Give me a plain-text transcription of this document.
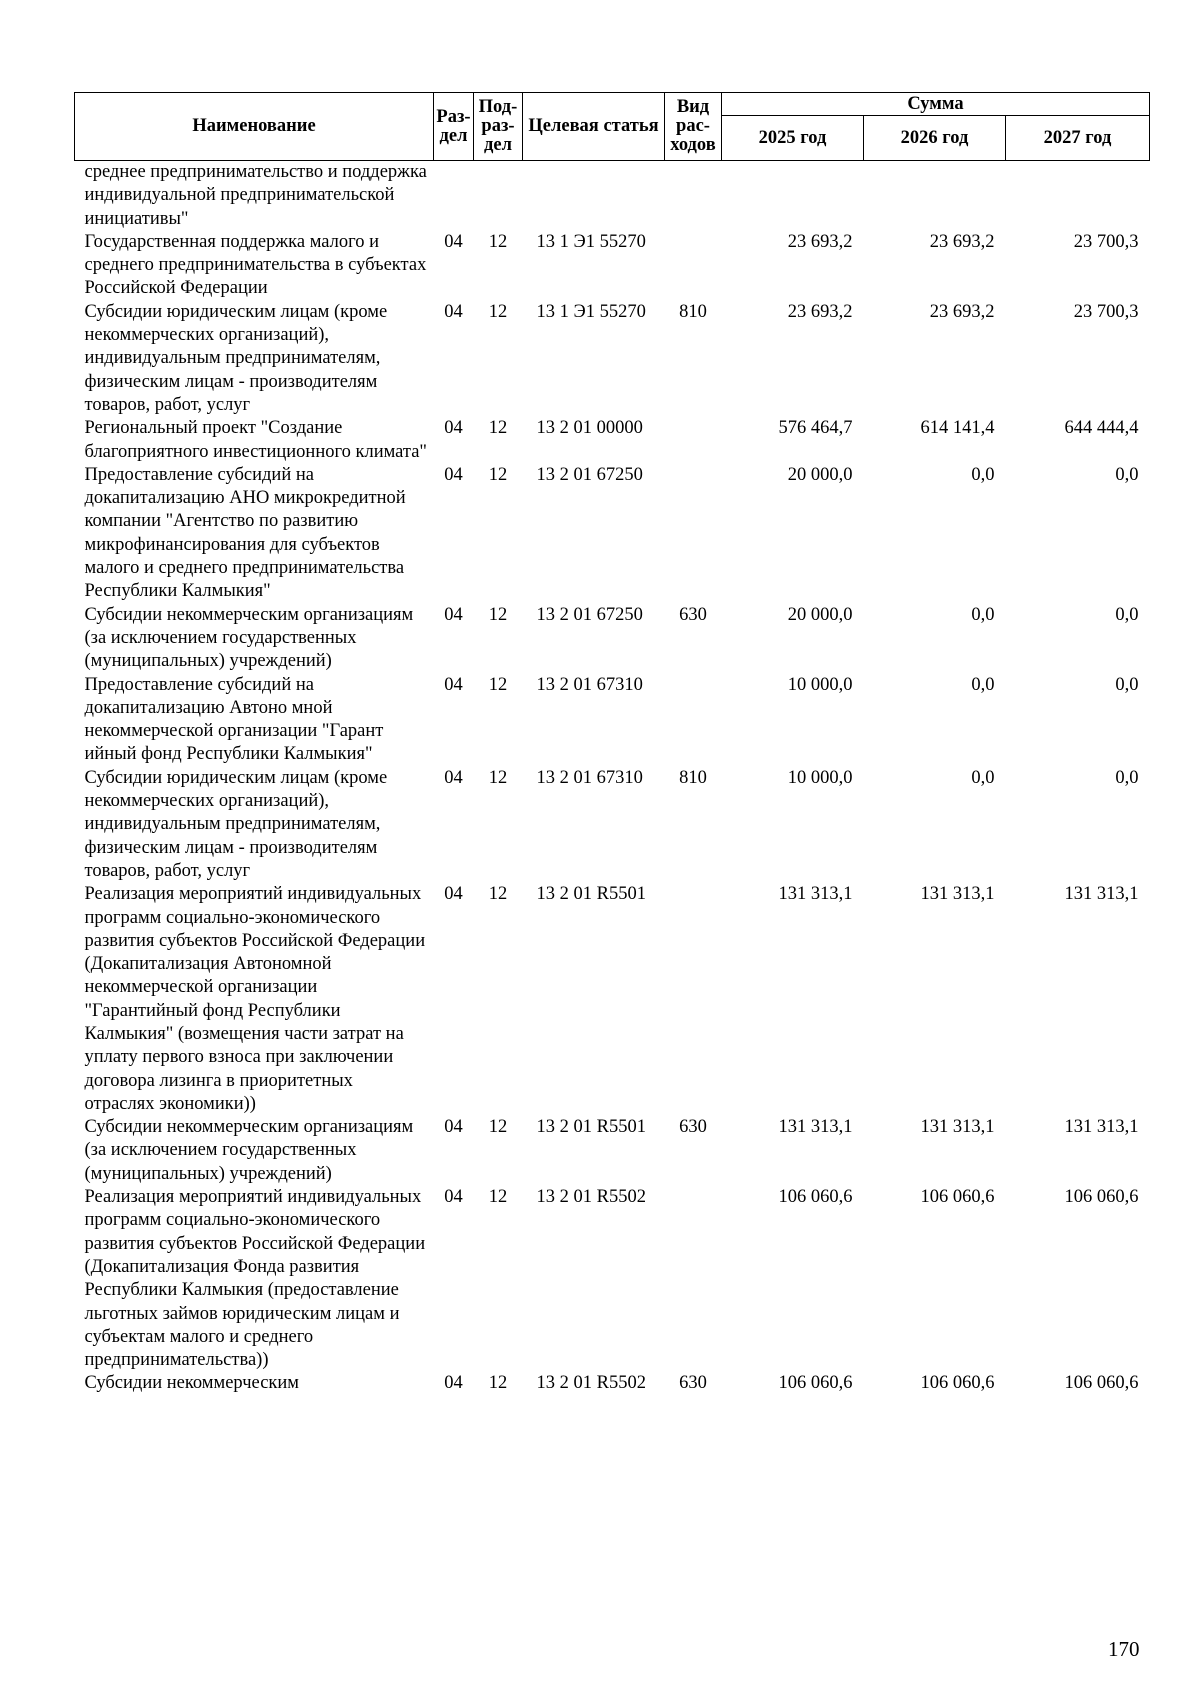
Наименование	Раз-дел	Под-раз-дел	Целевая статья	Вид рас-ходов	Сумма		
					2025 год	2026 год	2027 год
среднее предпринимательство и поддержка индивидуальной предпринимательской инициативы"							
Государственная поддержка малого и среднего предпринимательства в субъектах Российской Федерации	04	12	13 1 Э1 55270		23 693,2	23 693,2	23 700,3
Субсидии юридическим лицам (кроме некоммерческих организаций), индивидуальным предпринимателям, физическим лицам - производителям товаров, работ, услуг	04	12	13 1 Э1 55270	810	23 693,2	23 693,2	23 700,3
Региональный проект "Создание благоприятного инвестиционного климата"	04	12	13 2 01 00000		576 464,7	614 141,4	644 444,4
Предоставление субсидий на докапитализацию АНО микрокредитной компании "Агентство по развитию микрофинансирования для субъектов малого и среднего предпринимательства Республики Калмыкия"	04	12	13 2 01 67250		20 000,0	0,0	0,0
Субсидии некоммерческим организациям (за исключением государственных (муниципальных) учреждений)	04	12	13 2 01 67250	630	20 000,0	0,0	0,0
Предоставление субсидий на докапитализацию Автоно мной некоммерческой организации "Гарант ийный фонд Республики Калмыкия"	04	12	13 2 01 67310		10 000,0	0,0	0,0
Субсидии юридическим лицам (кроме некоммерческих организаций), индивидуальным предпринимателям, физическим лицам - производителям товаров, работ, услуг	04	12	13 2 01 67310	810	10 000,0	0,0	0,0
Реализация мероприятий индивидуальных программ социально-экономического развития субъектов Российской Федерации (Докапитализация Автономной некоммерческой организации "Гарантийный фонд Республики Калмыкия" (возмещения части затрат на уплату первого взноса при заключении договора лизинга в приоритетных отраслях экономики))	04	12	13 2 01 R5501		131 313,1	131 313,1	131 313,1
Субсидии некоммерческим организациям (за исключением государственных (муниципальных) учреждений)	04	12	13 2 01 R5501	630	131 313,1	131 313,1	131 313,1
Реализация мероприятий индивидуальных программ социально-экономического развития субъектов Российской Федерации (Докапитализация Фонда развития Республики Калмыкия (предоставление льготных займов юридическим лицам и субъектам малого и среднего предпринимательства))	04	12	13 2 01 R5502		106 060,6	106 060,6	106 060,6
Субсидии некоммерческим	04	12	13 2 01 R5502	630	106 060,6	106 060,6	106 060,6
170
